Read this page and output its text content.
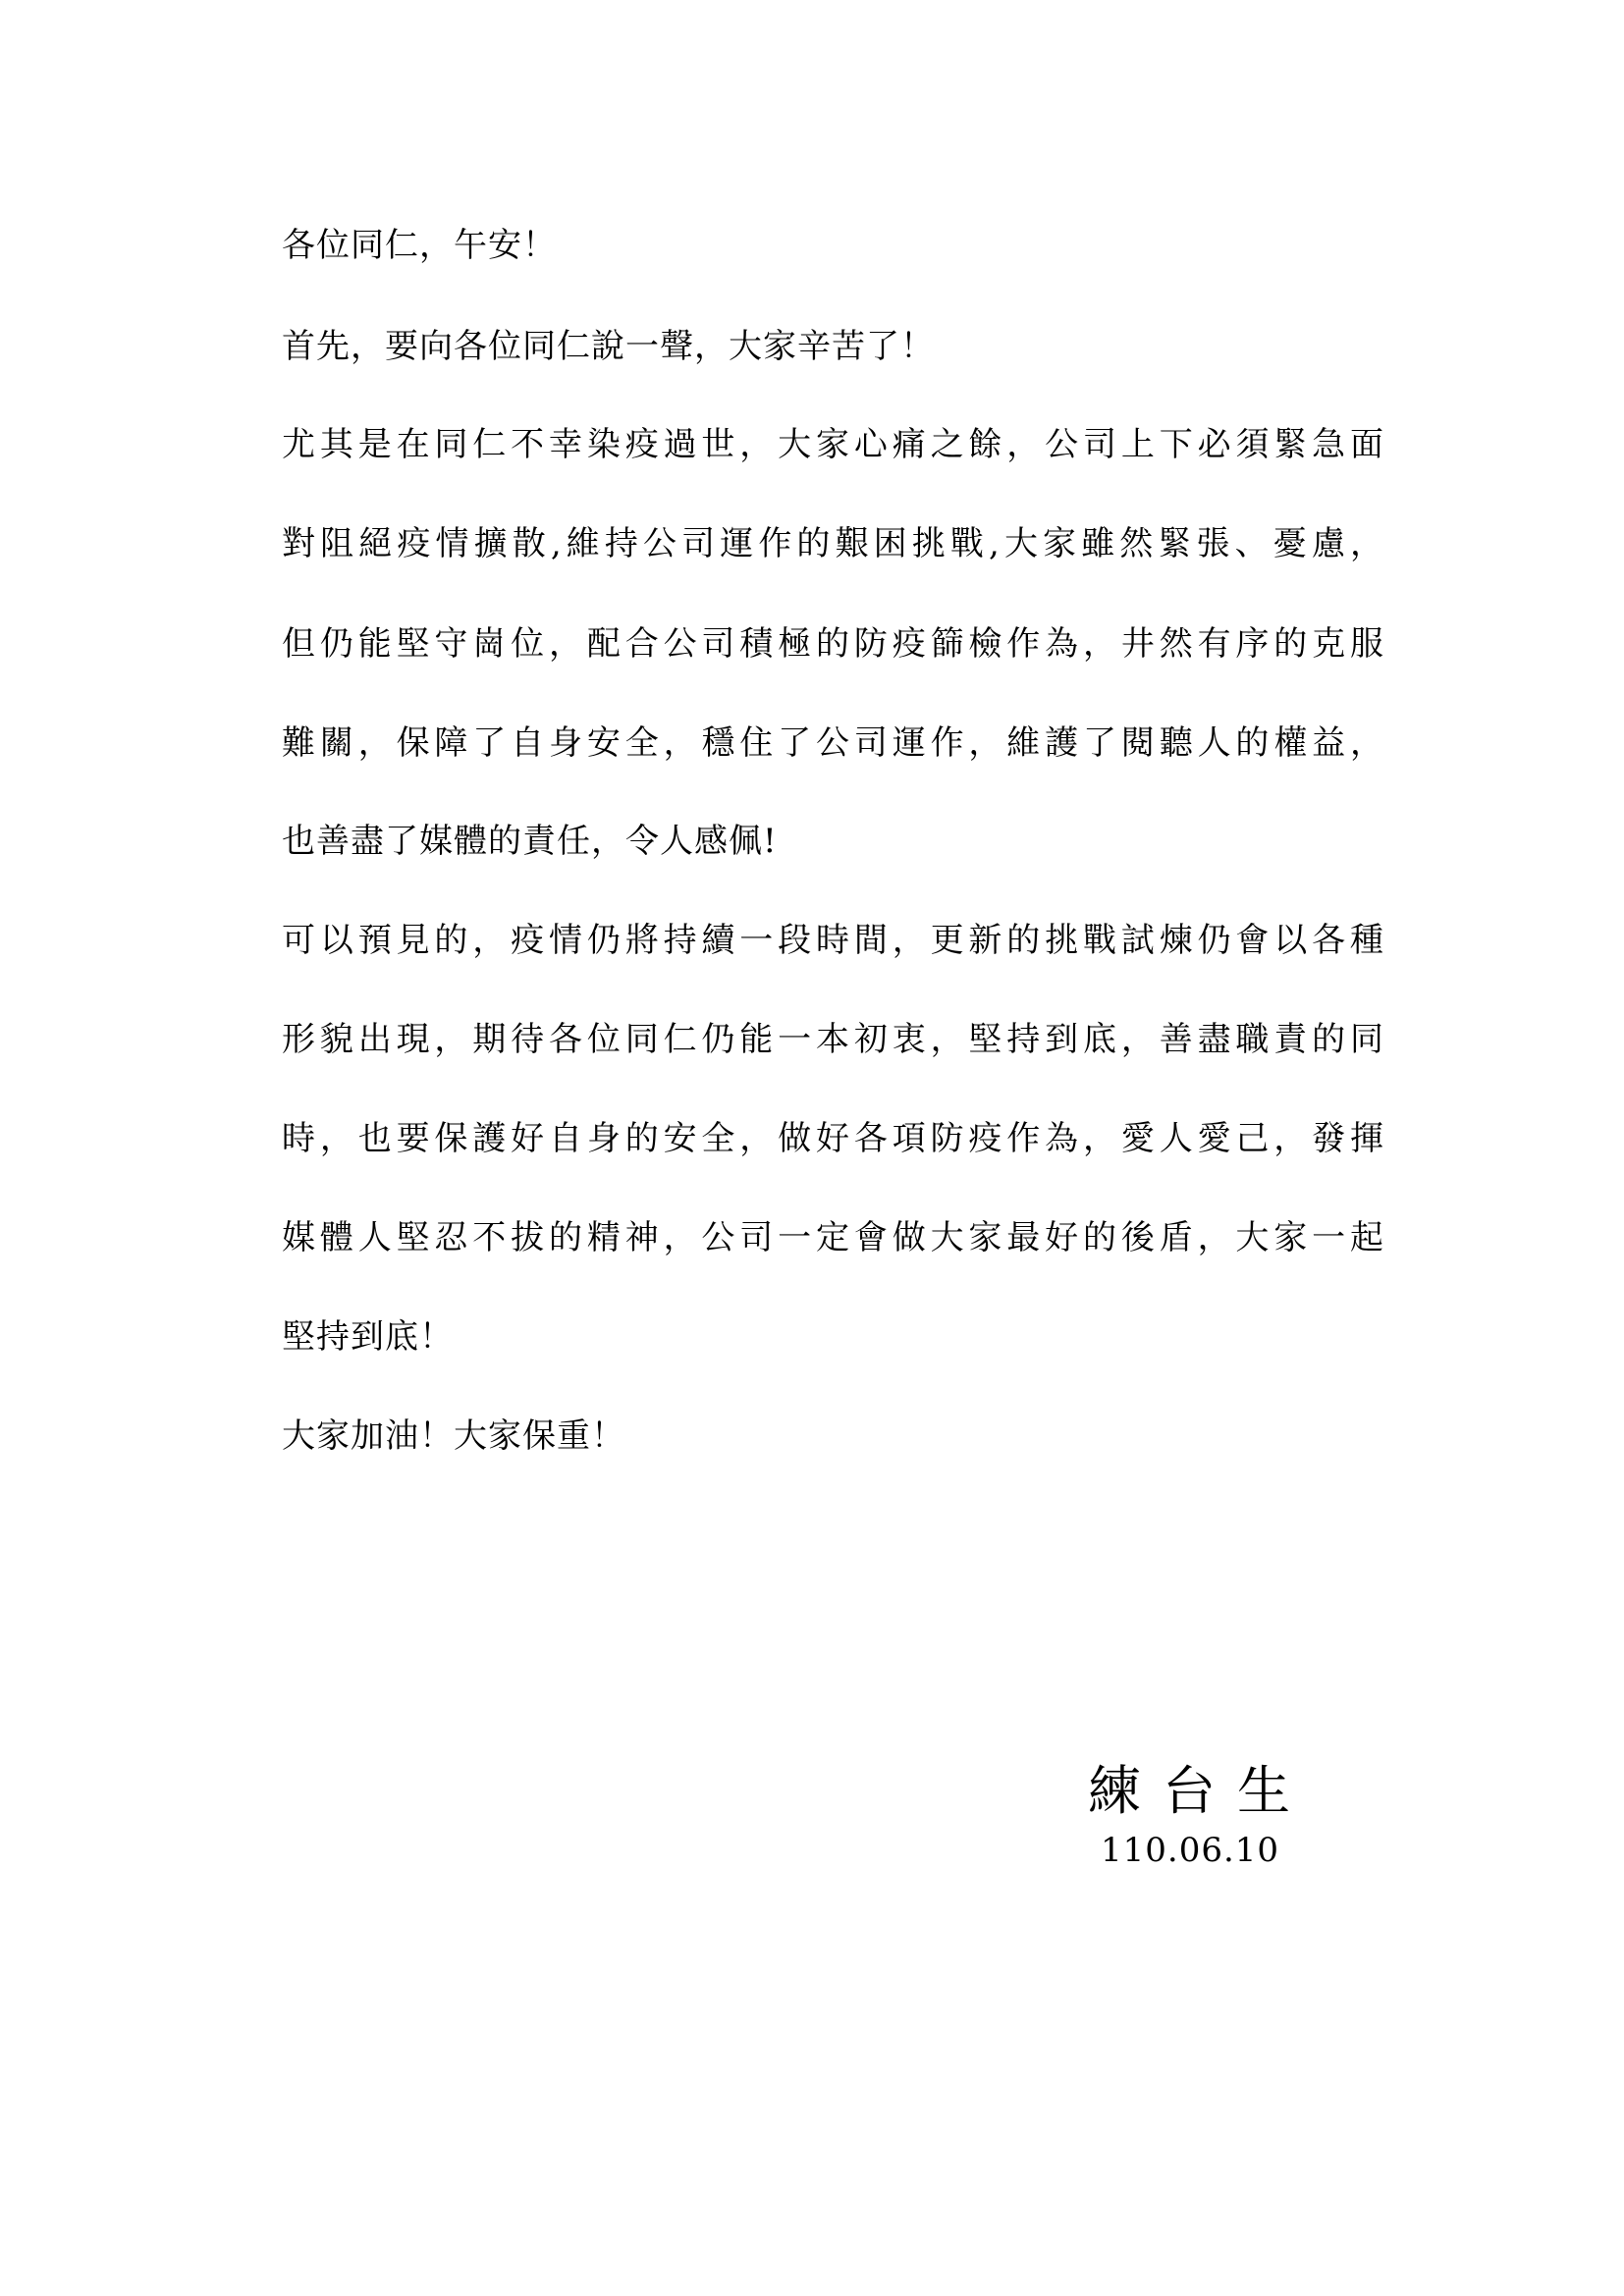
各位同仁，午安！
首先，要向各位同仁說一聲，大家辛苦了！
尤其是在同仁不幸染疫過世，大家心痛之餘，公司上下必須緊急面
對阻絕疫情擴散,維持公司運作的艱困挑戰,大家雖然緊張、憂慮，
但仍能堅守崗位，配合公司積極的防疫篩檢作為，井然有序的克服
難關，保障了自身安全，穩住了公司運作，維護了閱聽人的權益，
也善盡了媒體的責任，令人感佩!
可以預見的，疫情仍將持續一段時間，更新的挑戰試煉仍會以各種
形貌出現，期待各位同仁仍能一本初衷，堅持到底，善盡職責的同
時，也要保護好自身的安全，做好各項防疫作為，愛人愛己，發揮
媒體人堅忍不拔的精神，公司一定會做大家最好的後盾，大家一起
堅持到底！
大家加油！大家保重！
練台生
110.06.10
